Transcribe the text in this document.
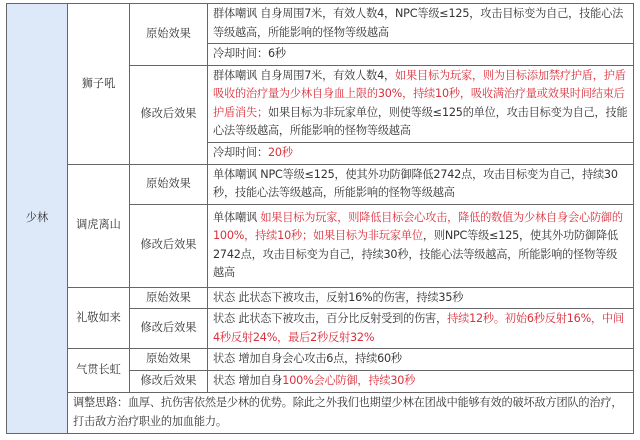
少林	狮子吼	原始效果	群体嘲讽 自身周围7米，有效人数4，NPC等级≤125，攻击目标变为自己，技能心法等级越高，所能影响的怪物等级越高
			冷却时间：6秒
		修改后效果	群体嘲讽 自身周围7米，有效人数4，如果目标为玩家，则为目标添加禁疗护盾，护盾吸收的治疗量为少林自身血上限的30%，持续10秒，吸收满治疗量或效果时间结束后护盾消失；如果目标为非玩家单位，则使等级≤125的单位，攻击目标变为自己，技能心法等级越高，所能影响的怪物等级越高
			冷却时间：20秒
	调虎离山	原始效果	单体嘲讽 NPC等级≤125，使其外功防御降低2742点，攻击目标变为自己，持续30秒，技能心法等级越高，所能影响的怪物等级越高
		修改后效果	单体嘲讽 如果目标为玩家，则降低目标会心攻击，降低的数值为少林自身会心防御的100%，持续10秒；如果目标为非玩家单位，则NPC等级≤125，使其外功防御降低2742点，攻击目标变为自己，持续30秒，技能心法等级越高，所能影响的怪物等级越高
	礼敬如来	原始效果	状态 此状态下被攻击，反射16%的伤害，持续35秒
		修改后效果	状态 此状态下被攻击，百分比反射受到的伤害，持续12秒。初始6秒反射16%，中间4秒反射24%，最后2秒反射32%
	气贯长虹	原始效果	状态 增加自身会心攻击6点，持续60秒
		修改后效果	状态 增加自身100%会心防御，持续30秒
	调整思路：血厚、抗伤害依然是少林的优势。除此之外我们也期望少林在团战中能够有效的破坏敌方团队的治疗，打击敌方治疗职业的加血能力。		
